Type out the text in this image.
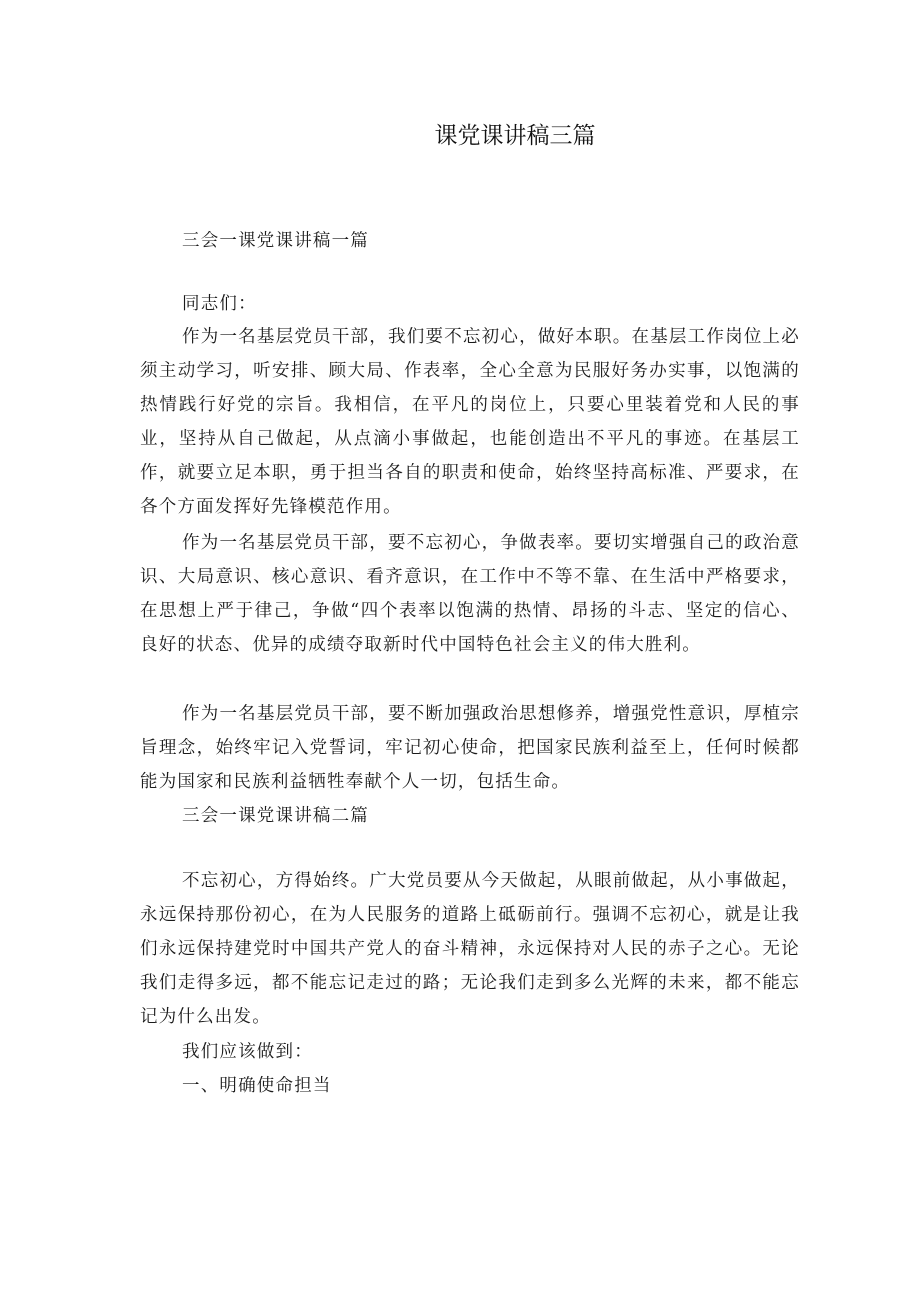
课党课讲稿三篇
三会一课党课讲稿一篇
同志们：
作为一名基层党员干部，我们要不忘初心，做好本职。在基层工作岗位上必须主动学习，听安排、顾大局、作表率，全心全意为民服好务办实事，以饱满的热情践行好党的宗旨。我相信，在平凡的岗位上，只要心里装着党和人民的事业，坚持从自己做起，从点滴小事做起，也能创造出不平凡的事迹。在基层工作，就要立足本职，勇于担当各自的职责和使命，始终坚持高标准、严要求，在各个方面发挥好先锋模范作用。
作为一名基层党员干部，要不忘初心，争做表率。要切实增强自己的政治意识、大局意识、核心意识、看齐意识，在工作中不等不靠、在生活中严格要求，在思想上严于律己，争做“四个表率以饱满的热情、昂扬的斗志、坚定的信心、良好的状态、优异的成绩夺取新时代中国特色社会主义的伟大胜利。
作为一名基层党员干部，要不断加强政治思想修养，增强党性意识，厚植宗旨理念，始终牢记入党誓词，牢记初心使命，把国家民族利益至上，任何时候都能为国家和民族利益牺牲奉献个人一切，包括生命。
三会一课党课讲稿二篇
不忘初心，方得始终。广大党员要从今天做起，从眼前做起，从小事做起，永远保持那份初心，在为人民服务的道路上砥砺前行。强调不忘初心，就是让我们永远保持建党时中国共产党人的奋斗精神，永远保持对人民的赤子之心。无论我们走得多远，都不能忘记走过的路；无论我们走到多么光辉的未来，都不能忘记为什么出发。
我们应该做到：
一、明确使命担当
